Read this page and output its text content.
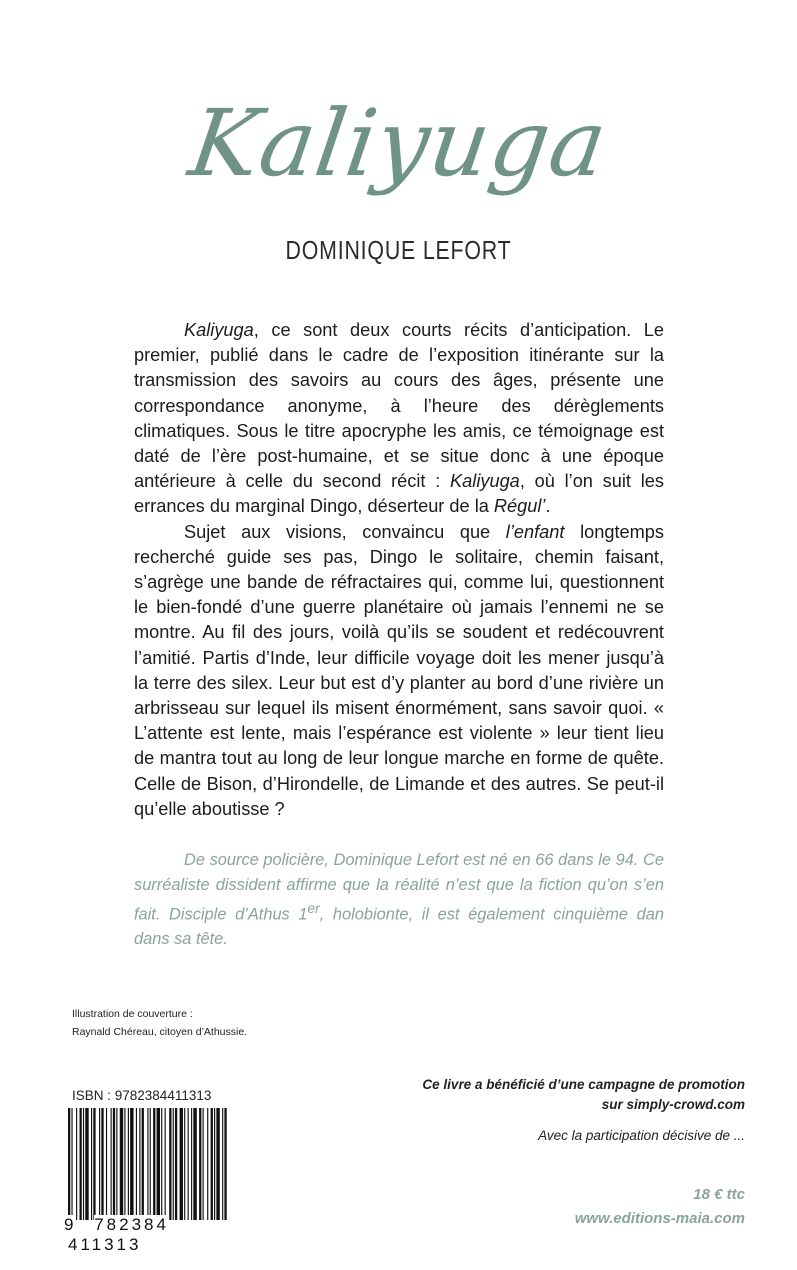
Kaliyuga
DOMINIQUE LEFORT

Kaliyuga, ce sont deux courts récits d’anticipation. Le premier, publié dans le cadre de l’exposition itinérante sur la transmission des savoirs au cours des âges, présente une correspondance anonyme, à l’heure des dérèglements climatiques. Sous le titre apocryphe les amis, ce témoignage est daté de l’ère post-humaine, et se situe donc à une époque antérieure à celle du second récit : Kaliyuga, où l’on suit les errances du marginal Dingo, déserteur de la Régul’.

Sujet aux visions, convaincu que l’enfant longtemps recherché guide ses pas, Dingo le solitaire, chemin faisant, s’agrège une bande de réfractaires qui, comme lui, questionnent le bien-fondé d’une guerre planétaire où jamais l’ennemi ne se montre. Au fil des jours, voilà qu’ils se soudent et redécouvrent l’amitié. Partis d’Inde, leur difficile voyage doit les mener jusqu’à la terre des silex. Leur but est d’y planter au bord d’une rivière un arbrisseau sur lequel ils misent énormément, sans savoir quoi. « L’attente est lente, mais l’espérance est violente » leur tient lieu de mantra tout au long de leur longue marche en forme de quête. Celle de Bison, d’Hirondelle, de Limande et des autres. Se peut-il qu’elle aboutisse ?

De source policière, Dominique Lefort est né en 66 dans le 94. Ce surréaliste dissident affirme que la réalité n’est que la fiction qu’on s’en fait. Disciple d’Athus 1er, holobionte, il est également cinquième dan dans sa tête.

Illustration de couverture :
Raynald Chéreau, citoyen d’Athussie.
ISBN : 9782384411313
9 782384 411313
Ce livre a bénéficié d’une campagne de promotion
sur simply-crowd.com
Avec la participation décisive de ...
18 € ttc
www.editions-maia.com
